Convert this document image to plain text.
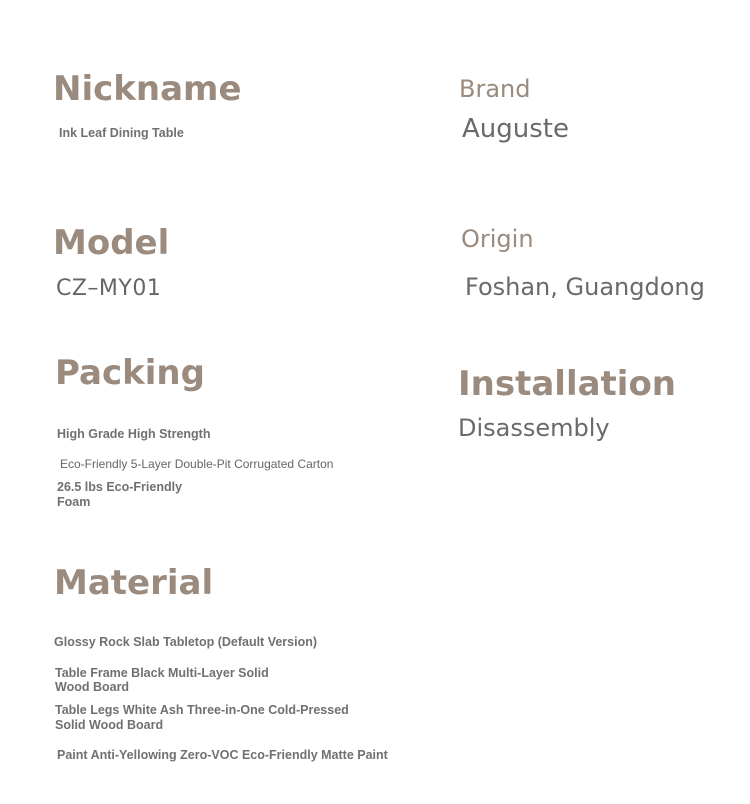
Nickname
Ink Leaf Dining Table
Brand
Auguste
Model
CZ–MY01
Origin
Foshan, Guangdong
Packing
High Grade High Strength
Eco-Friendly 5-Layer Double-Pit Corrugated Carton
26.5 lbs Eco-Friendly
Foam
Installation
Disassembly
Material
Glossy Rock Slab Tabletop (Default Version)
Table Frame Black Multi-Layer Solid
Wood Board
Table Legs White Ash Three-in-One Cold-Pressed
Solid Wood Board
Paint Anti-Yellowing Zero-VOC Eco-Friendly Matte Paint
